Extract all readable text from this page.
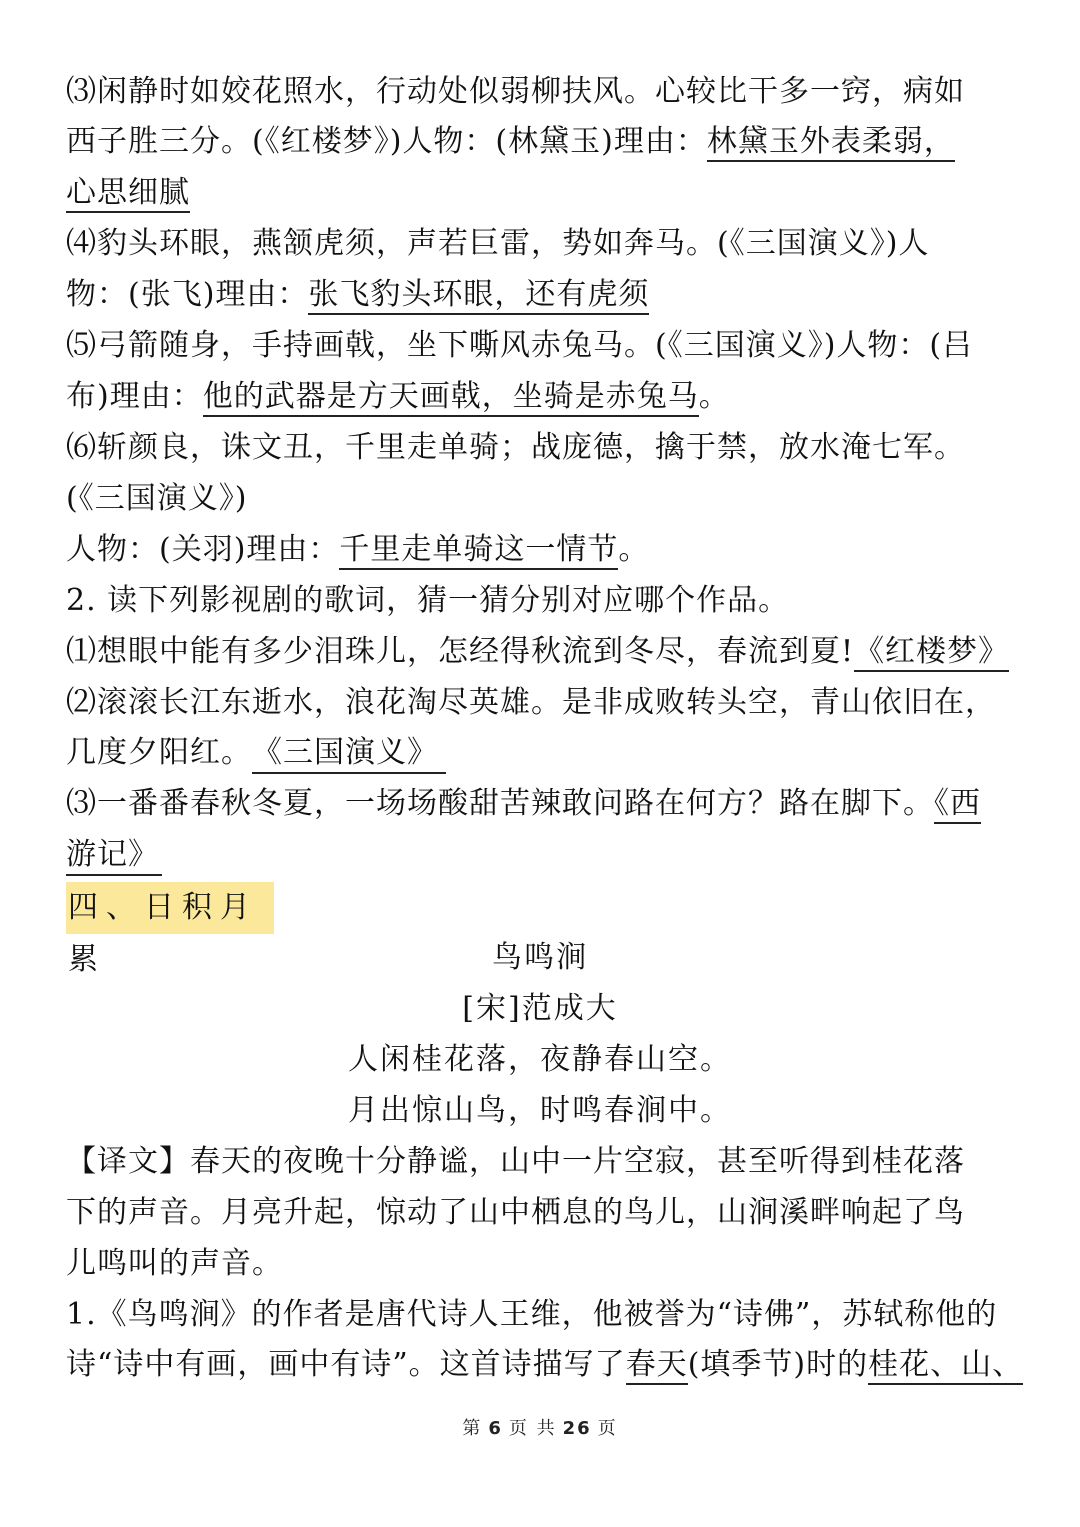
⑶闲静时如姣花照水，行动处似弱柳扶风。心较比干多一窍，病如
西子胜三分。(《红楼梦》)人物：(林黛玉)理由：林黛玉外表柔弱，
心思细腻
⑷豹头环眼，燕颔虎须，声若巨雷，势如奔马。(《三国演义》)人
物：(张飞)理由：张飞豹头环眼，还有虎须
⑸弓箭随身，手持画戟，坐下嘶风赤兔马。(《三国演义》)人物：(吕
布)理由：他的武器是方天画戟，坐骑是赤兔马。
⑹斩颜良，诛文丑，千里走单骑；战庞德，擒于禁，放水淹七军。
(《三国演义》)
人物：(关羽)理由：千里走单骑这一情节。
2. 读下列影视剧的歌词，猜一猜分别对应哪个作品。
⑴想眼中能有多少泪珠儿，怎经得秋流到冬尽，春流到夏!《红楼梦》
⑵滚滚长江东逝水，浪花淘尽英雄。是非成败转头空，青山依旧在，
几度夕阳红。《三国演义》
⑶一番番春秋冬夏，一场场酸甜苦辣敢问路在何方？路在脚下。《西
游记》
四、日积月累	鸟鸣涧
[宋]范成大
人闲桂花落，夜静春山空。
月出惊山鸟，时鸣春涧中。
【译文】春天的夜晚十分静谧，山中一片空寂，甚至听得到桂花落
下的声音。月亮升起，惊动了山中栖息的鸟儿，山涧溪畔响起了鸟
儿鸣叫的声音。
1.《鸟鸣涧》的作者是唐代诗人王维，他被誉为“诗佛”，苏轼称他的
诗“诗中有画，画中有诗”。这首诗描写了春天(填季节)时的桂花、山、
第 6 页 共 26 页
